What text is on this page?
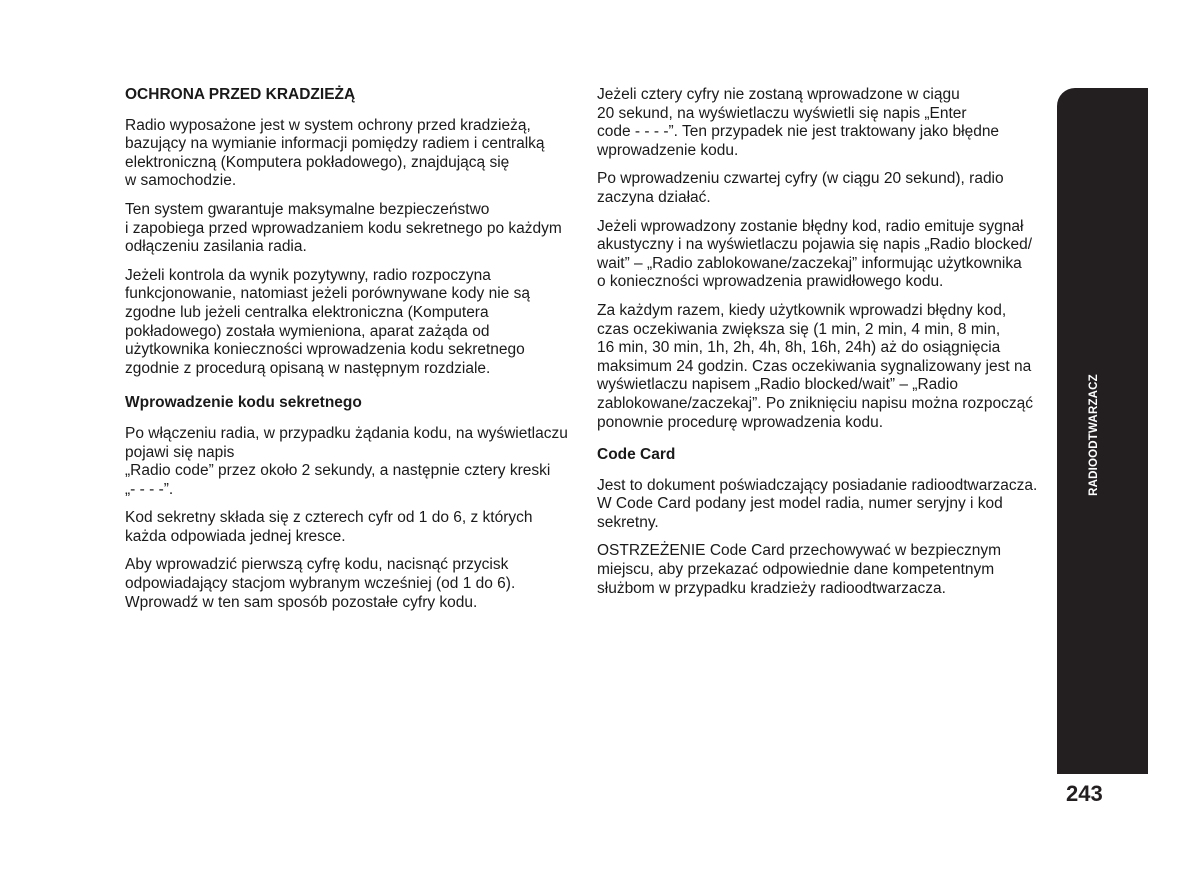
OCHRONA PRZED KRADZIEŻĄ

Radio wyposażone jest w system ochrony przed kradzieżą,
bazujący na wymianie informacji pomiędzy radiem i centralką
elektroniczną (Komputera pokładowego), znajdującą się
w samochodzie.

Ten system gwarantuje maksymalne bezpieczeństwo
i zapobiega przed wprowadzaniem kodu sekretnego po każdym
odłączeniu zasilania radia.

Jeżeli kontrola da wynik pozytywny, radio rozpoczyna
funkcjonowanie, natomiast jeżeli porównywane kody nie są
zgodne lub jeżeli centralka elektroniczna (Komputera
pokładowego) została wymieniona, aparat zażąda od
użytkownika konieczności wprowadzenia kodu sekretnego
zgodnie z procedurą opisaną w następnym rozdziale.

Wprowadzenie kodu sekretnego

Po włączeniu radia, w przypadku żądania kodu, na wyświetlaczu
pojawi się napis
„Radio code” przez około 2 sekundy, a następnie cztery kreski
„- - - -”.

Kod sekretny składa się z czterech cyfr od 1 do 6, z których
każda odpowiada jednej kresce.

Aby wprowadzić pierwszą cyfrę kodu, nacisnąć przycisk
odpowiadający stacjom wybranym wcześniej (od 1 do 6).
Wprowadź w ten sam sposób pozostałe cyfry kodu.

Jeżeli cztery cyfry nie zostaną wprowadzone w ciągu
20 sekund, na wyświetlaczu wyświetli się napis „Enter
code - - - -”. Ten przypadek nie jest traktowany jako błędne
wprowadzenie kodu.

Po wprowadzeniu czwartej cyfry (w ciągu 20 sekund), radio
zaczyna działać.

Jeżeli wprowadzony zostanie błędny kod, radio emituje sygnał
akustyczny i na wyświetlaczu pojawia się napis „Radio blocked/
wait” – „Radio zablokowane/zaczekaj” informując użytkownika
o konieczności wprowadzenia prawidłowego kodu.

Za każdym razem, kiedy użytkownik wprowadzi błędny kod,
czas oczekiwania zwiększa się (1 min, 2 min, 4 min, 8 min,
16 min, 30 min, 1h, 2h, 4h, 8h, 16h, 24h) aż do osiągnięcia
maksimum 24 godzin. Czas oczekiwania sygnalizowany jest na
wyświetlaczu napisem „Radio blocked/wait” – „Radio
zablokowane/zaczekaj”. Po zniknięciu napisu można rozpocząć
ponownie procedurę wprowadzenia kodu.

Code Card

Jest to dokument poświadczający posiadanie radioodtwarzacza.
W Code Card podany jest model radia, numer seryjny i kod
sekretny.

OSTRZEŻENIE Code Card przechowywać w bezpiecznym
miejscu, aby przekazać odpowiednie dane kompetentnym
służbom w przypadku kradzieży radioodtwarzacza.

RADIOODTWARZACZ
243
